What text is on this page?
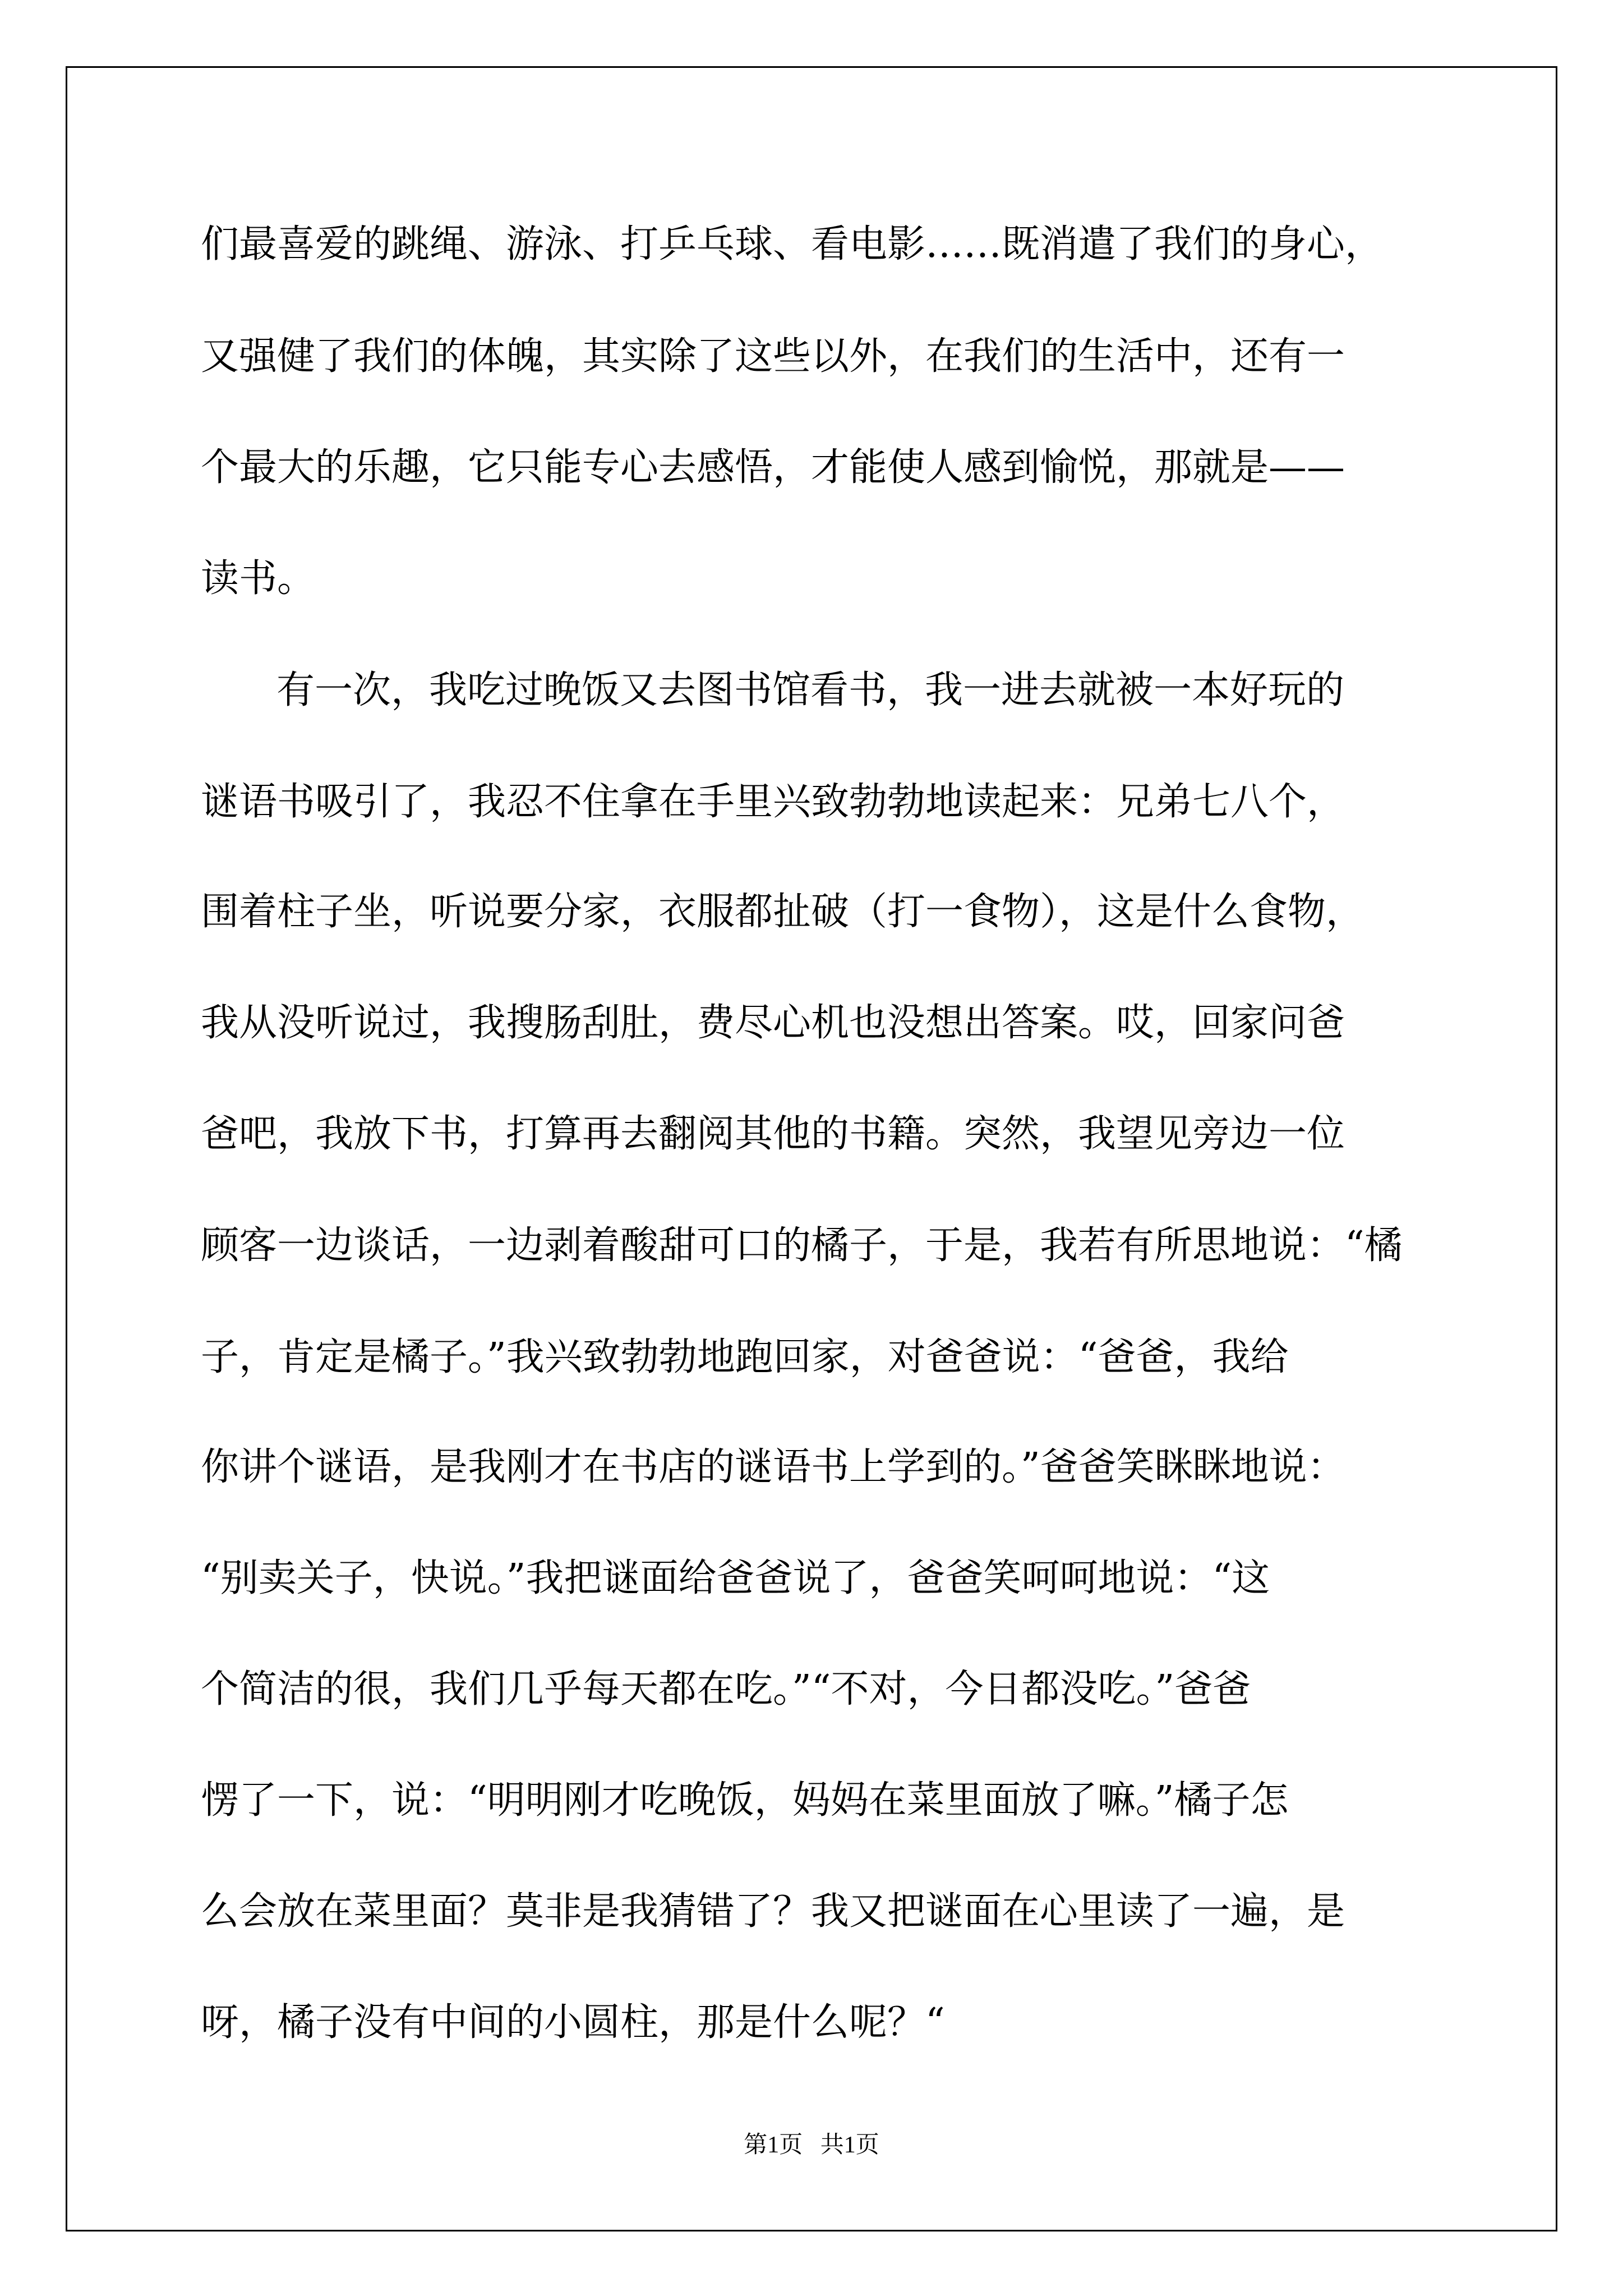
们最喜爱的跳绳、游泳、打乒乓球、看电影……既消遣了我们的身心，
又强健了我们的体魄，其实除了这些以外，在我们的生活中，还有一
个最大的乐趣，它只能专心去感悟，才能使人感到愉悦，那就是——
读书。
有一次，我吃过晚饭又去图书馆看书，我一进去就被一本好玩的
谜语书吸引了，我忍不住拿在手里兴致勃勃地读起来：兄弟七八个，
围着柱子坐，听说要分家，衣服都扯破（打一食物），这是什么食物，
我从没听说过，我搜肠刮肚，费尽心机也没想出答案。哎，回家问爸
爸吧，我放下书，打算再去翻阅其他的书籍。突然，我望见旁边一位
顾客一边谈话，一边剥着酸甜可口的橘子，于是，我若有所思地说：“橘
子，肯定是橘子。”我兴致勃勃地跑回家，对爸爸说：“爸爸，我给
你讲个谜语，是我刚才在书店的谜语书上学到的。”爸爸笑眯眯地说：
“别卖关子，快说。”我把谜面给爸爸说了，爸爸笑呵呵地说：“这
个简洁的很，我们几乎每天都在吃。”“不对，今日都没吃。”爸爸
愣了一下，说：“明明刚才吃晚饭，妈妈在菜里面放了嘛。”橘子怎
么会放在菜里面？莫非是我猜错了？我又把谜面在心里读了一遍，是
呀，橘子没有中间的小圆柱，那是什么呢？“
第1页   共1页
